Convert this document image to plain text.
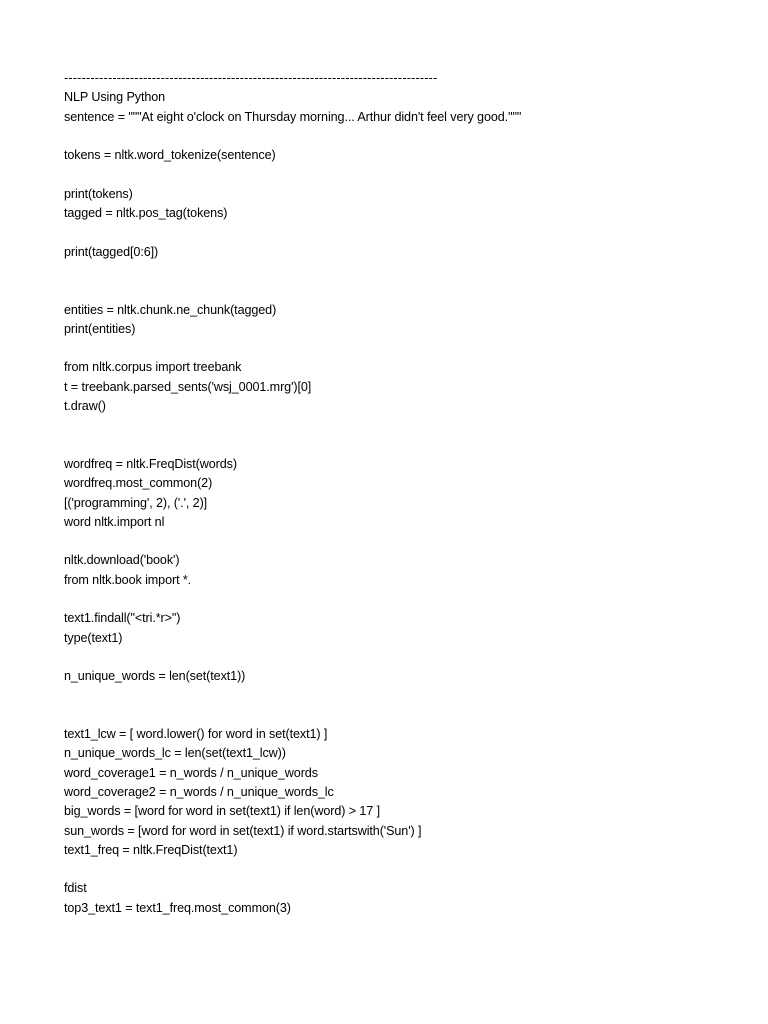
-------------------------------------------------------------------------------------
NLP Using Python
sentence = """At eight o'clock on Thursday morning... Arthur didn't feel very good."""
tokens = nltk.word_tokenize(sentence)
print(tokens)
tagged = nltk.pos_tag(tokens)
print(tagged[0:6])
entities = nltk.chunk.ne_chunk(tagged)
print(entities)
from nltk.corpus import treebank
t = treebank.parsed_sents('wsj_0001.mrg')[0]
t.draw()
wordfreq = nltk.FreqDist(words)
wordfreq.most_common(2)
[('programming', 2), ('.', 2)]
word nltk.import nl
nltk.download('book')
from nltk.book import *.
text1.findall("<tri.*r>")
type(text1)
n_unique_words = len(set(text1))
text1_lcw = [ word.lower() for word in set(text1) ]
n_unique_words_lc = len(set(text1_lcw))
word_coverage1 = n_words / n_unique_words
word_coverage2 = n_words / n_unique_words_lc
big_words = [word for word in set(text1) if len(word) > 17 ]
sun_words = [word for word in set(text1) if word.startswith('Sun') ]
text1_freq = nltk.FreqDist(text1)
fdist
top3_text1 = text1_freq.most_common(3)
